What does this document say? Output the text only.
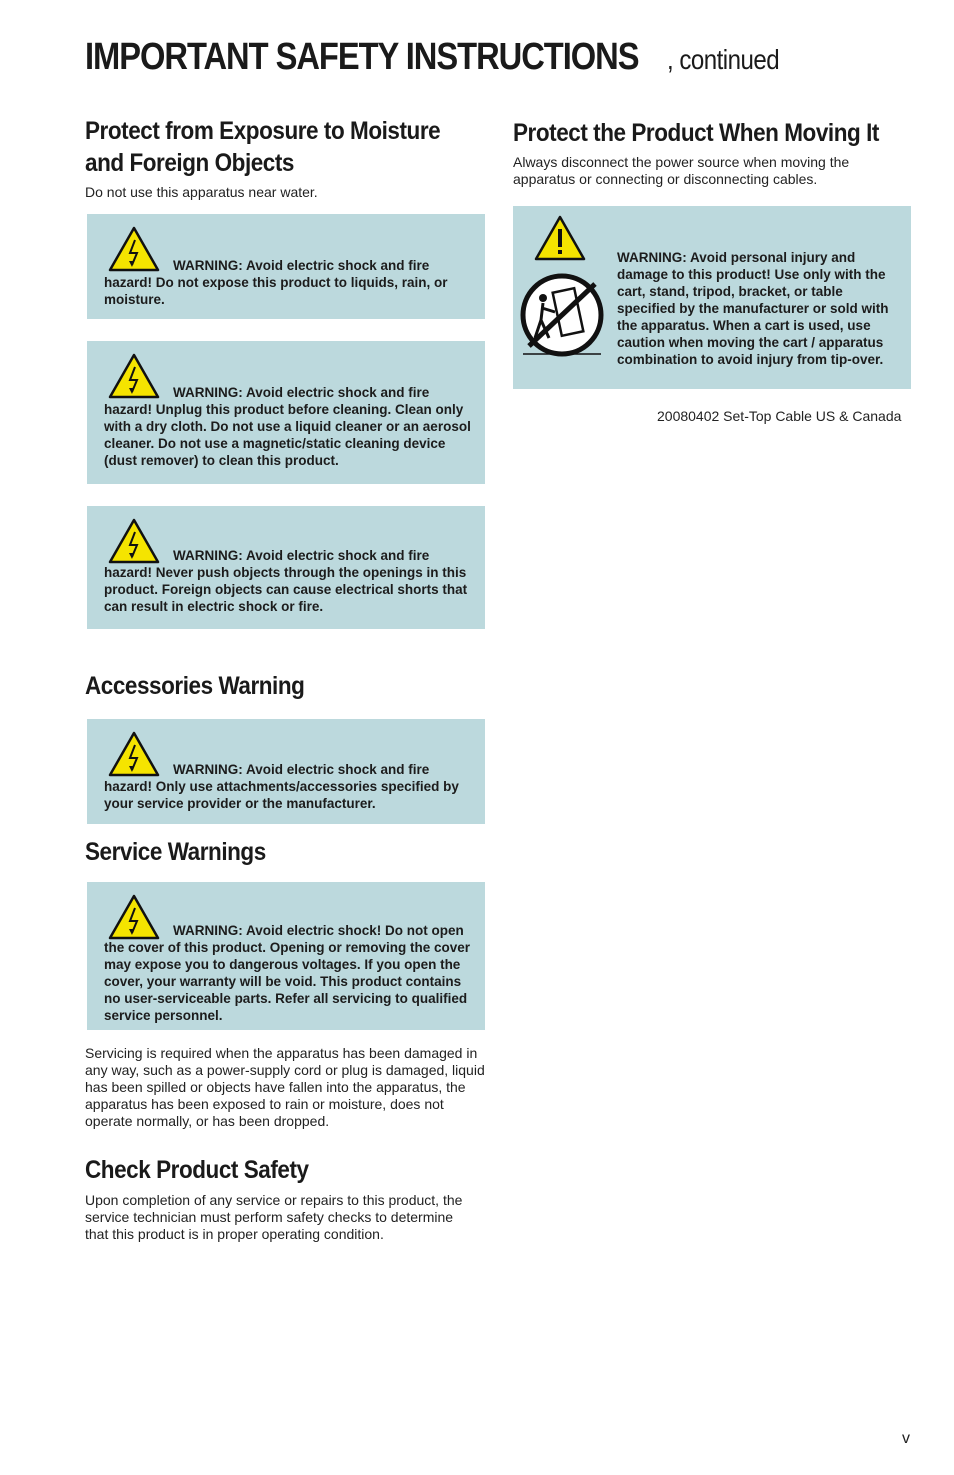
IMPORTANT SAFETY INSTRUCTIONS , continued
Protect from Exposure to Moisture and Foreign Objects

Do not use this apparatus near water.

WARNING: Avoid electric shock and fire hazard! Do not expose this product to liquids, rain, or moisture.

WARNING: Avoid electric shock and fire hazard! Unplug this product before cleaning. Clean only with a dry cloth. Do not use a liquid cleaner or an aerosol cleaner. Do not use a magnetic/static cleaning device (dust remover) to clean this product.

WARNING: Avoid electric shock and fire hazard! Never push objects through the openings in this product. Foreign objects can cause electrical shorts that can result in electric shock or fire.

Accessories Warning

WARNING: Avoid electric shock and fire hazard! Only use attachments/accessories specified by your service provider or the manufacturer.

Service Warnings

WARNING: Avoid electric shock! Do not open the cover of this product. Opening or removing the cover may expose you to dangerous voltages. If you open the cover, your warranty will be void. This product contains no user-serviceable parts. Refer all servicing to qualified service personnel.

Servicing is required when the apparatus has been damaged in any way, such as a power-supply cord or plug is damaged, liquid has been spilled or objects have fallen into the apparatus, the apparatus has been exposed to rain or moisture, does not operate normally, or has been dropped.

Check Product Safety

Upon completion of any service or repairs to this product, the service technician must perform safety checks to determine that this product is in proper operating condition.

Protect the Product When Moving It

Always disconnect the power source when moving the apparatus or connecting or disconnecting cables.

WARNING: Avoid personal injury and damage to this product! Use only with the cart, stand, tripod, bracket, or table specified by the manufacturer or sold with the apparatus. When a cart is used, use caution when moving the cart / apparatus combination to avoid injury from tip-over.

20080402 Set-Top Cable US & Canada
v
